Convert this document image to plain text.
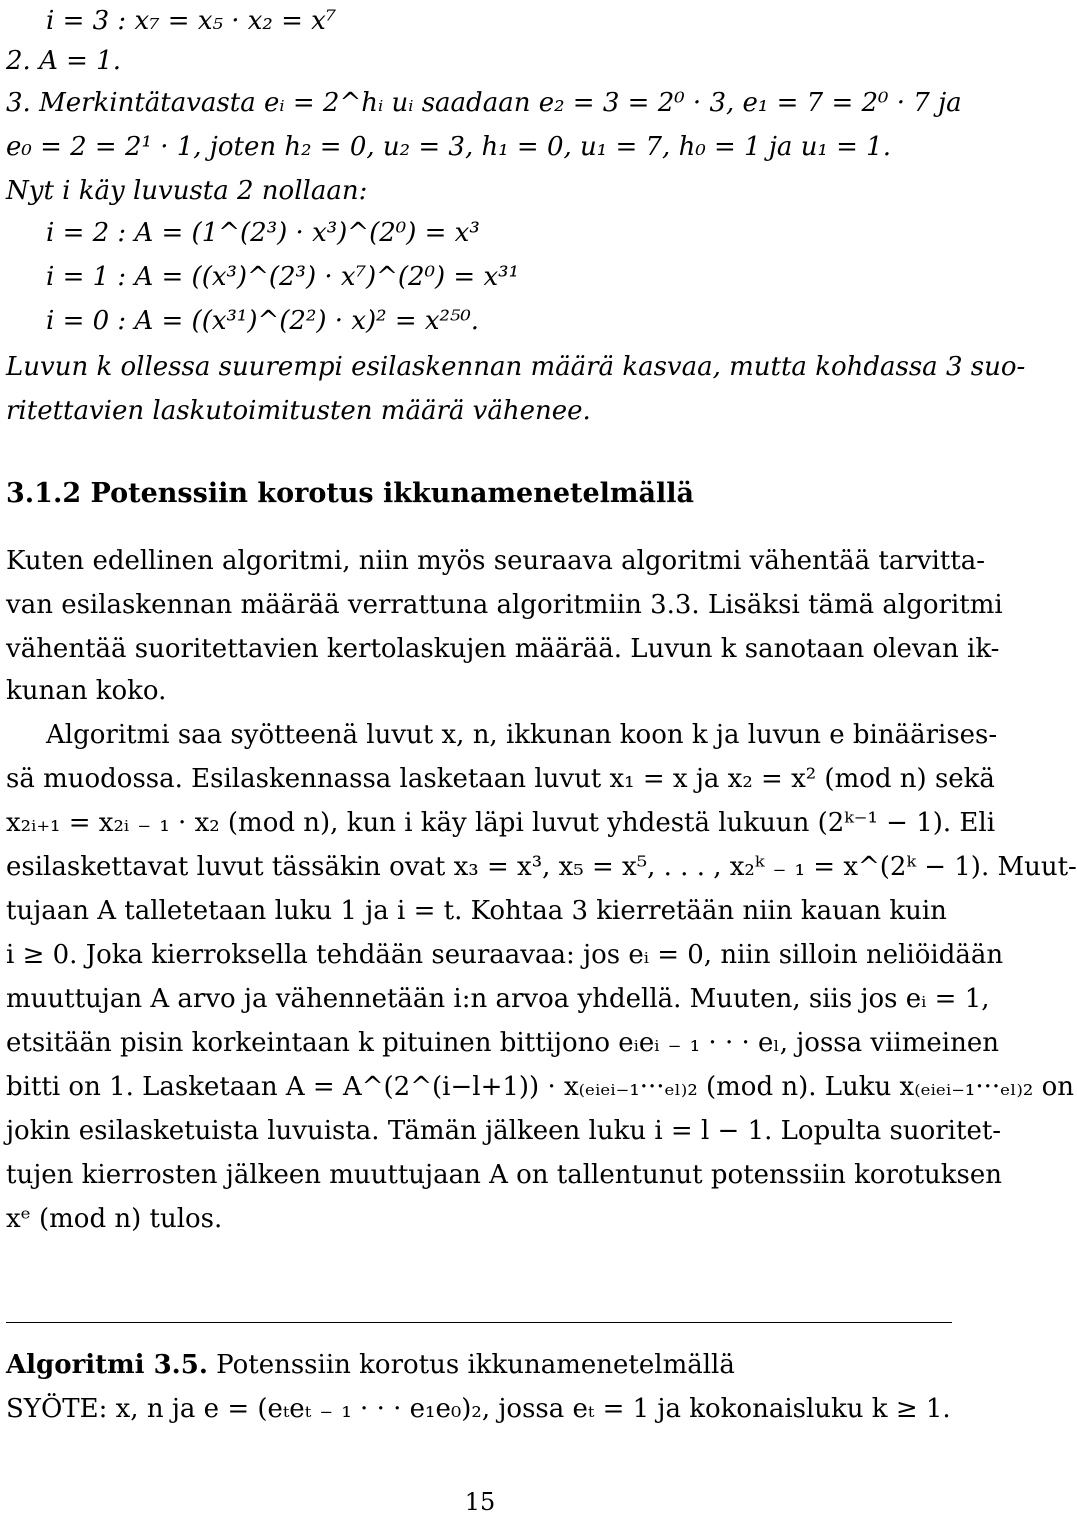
i = 3 : x₇ = x₅ · x₂ = x⁷
2. A = 1.
3. Merkintätavasta eᵢ = 2^hᵢ uᵢ saadaan e₂ = 3 = 2⁰ · 3, e₁ = 7 = 2⁰ · 7 ja
e₀ = 2 = 2¹ · 1, joten h₂ = 0, u₂ = 3, h₁ = 0, u₁ = 7, h₀ = 1 ja u₁ = 1.
Nyt i käy luvusta 2 nollaan:
i = 2 : A = (1^(2³) · x³)^(2⁰) = x³
i = 1 : A = ((x³)^(2³) · x⁷)^(2⁰) = x³¹
i = 0 : A = ((x³¹)^(2²) · x)² = x²⁵⁰.
Luvun k ollessa suurempi esilaskennan määrä kasvaa, mutta kohdassa 3 suo-
ritettavien laskutoimitusten määrä vähenee.
3.1.2 Potenssiin korotus ikkunamenetelmällä
Kuten edellinen algoritmi, niin myös seuraava algoritmi vähentää tarvitta-
van esilaskennan määrää verrattuna algoritmiin 3.3. Lisäksi tämä algoritmi
vähentää suoritettavien kertolaskujen määrää. Luvun k sanotaan olevan ik-
kunan koko.
Algoritmi saa syötteenä luvut x, n, ikkunan koon k ja luvun e binäärises-
sä muodossa. Esilaskennassa lasketaan luvut x₁ = x ja x₂ = x² (mod n) sekä
x₂ᵢ₊₁ = x₂ᵢ ₋ ₁ · x₂ (mod n), kun i käy läpi luvut yhdestä lukuun (2ᵏ⁻¹ − 1). Eli
esilaskettavat luvut tässäkin ovat x₃ = x³, x₅ = x⁵, . . . , x₂ᵏ ₋ ₁ = x^(2ᵏ − 1). Muut-
tujaan A talletetaan luku 1 ja i = t. Kohtaa 3 kierretään niin kauan kuin
i ≥ 0. Joka kierroksella tehdään seuraavaa: jos eᵢ = 0, niin silloin neliöidään
muuttujan A arvo ja vähennetään i:n arvoa yhdellä. Muuten, siis jos eᵢ = 1,
etsitään pisin korkeintaan k pituinen bittijono eᵢeᵢ ₋ ₁ · · · eₗ, jossa viimeinen
bitti on 1. Lasketaan A = A^(2^(i−l+1)) · x₍ₑᵢₑᵢ₋₁···ₑₗ₎₂ (mod n). Luku x₍ₑᵢₑᵢ₋₁···ₑₗ₎₂ on
jokin esilasketuista luvuista. Tämän jälkeen luku i = l − 1. Lopulta suoritet-
tujen kierrosten jälkeen muuttujaan A on tallentunut potenssiin korotuksen
xᵉ (mod n) tulos.
Algoritmi 3.5. Potenssiin korotus ikkunamenetelmällä
SYÖTE: x, n ja e = (eₜeₜ ₋ ₁ · · · e₁e₀)₂, jossa eₜ = 1 ja kokonaisluku k ≥ 1.
15
